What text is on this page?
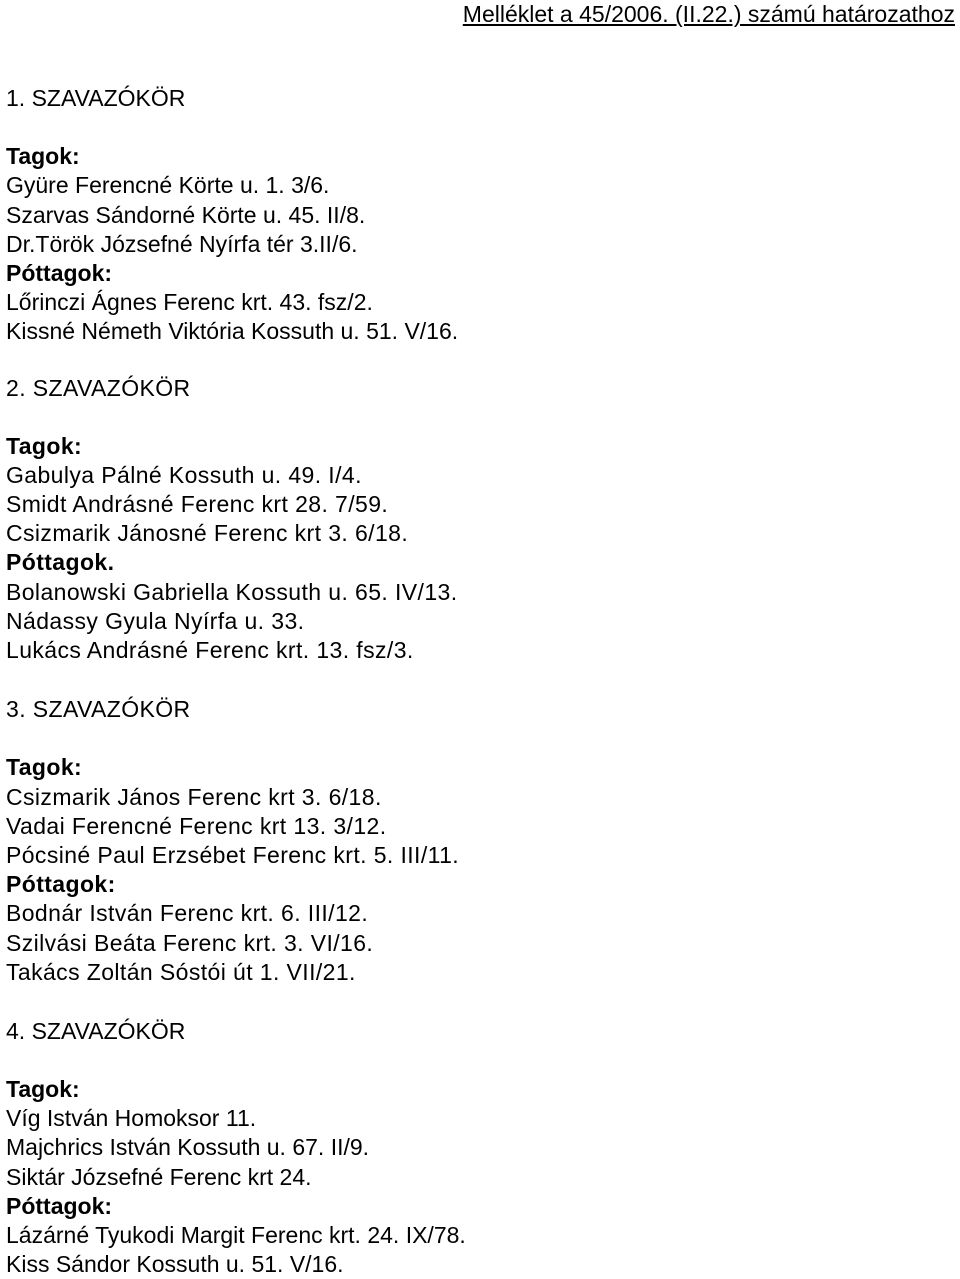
Melléklet a 45/2006. (II.22.) számú határozathoz
1. SZAVAZÓKÖR
Tagok:
Gyüre Ferencné Körte u. 1. 3/6.
Szarvas Sándorné Körte u. 45. II/8.
Dr.Török Józsefné Nyírfa tér 3.II/6.
Póttagok:
Lőrinczi Ágnes Ferenc krt. 43. fsz/2.
Kissné Németh Viktória Kossuth u. 51. V/16.
2. SZAVAZÓKÖR
Tagok:
Gabulya Pálné Kossuth u. 49. I/4.
Smidt Andrásné Ferenc krt 28. 7/59.
Csizmarik Jánosné Ferenc krt 3. 6/18.
Póttagok.
Bolanowski Gabriella Kossuth u. 65. IV/13.
Nádassy Gyula Nyírfa u. 33.
Lukács Andrásné Ferenc krt. 13. fsz/3.
3. SZAVAZÓKÖR
Tagok:
Csizmarik János Ferenc krt 3. 6/18.
Vadai Ferencné Ferenc krt 13. 3/12.
Pócsiné Paul Erzsébet Ferenc krt. 5. III/11.
Póttagok:
Bodnár István Ferenc krt. 6. III/12.
Szilvási Beáta Ferenc krt. 3. VI/16.
Takács Zoltán Sóstói út 1. VII/21.
4. SZAVAZÓKÖR
Tagok:
Víg István Homoksor 11.
Majchrics István Kossuth u. 67. II/9.
Siktár Józsefné Ferenc krt 24.
Póttagok:
Lázárné Tyukodi Margit Ferenc krt. 24. IX/78.
Kiss Sándor Kossuth u. 51. V/16.
